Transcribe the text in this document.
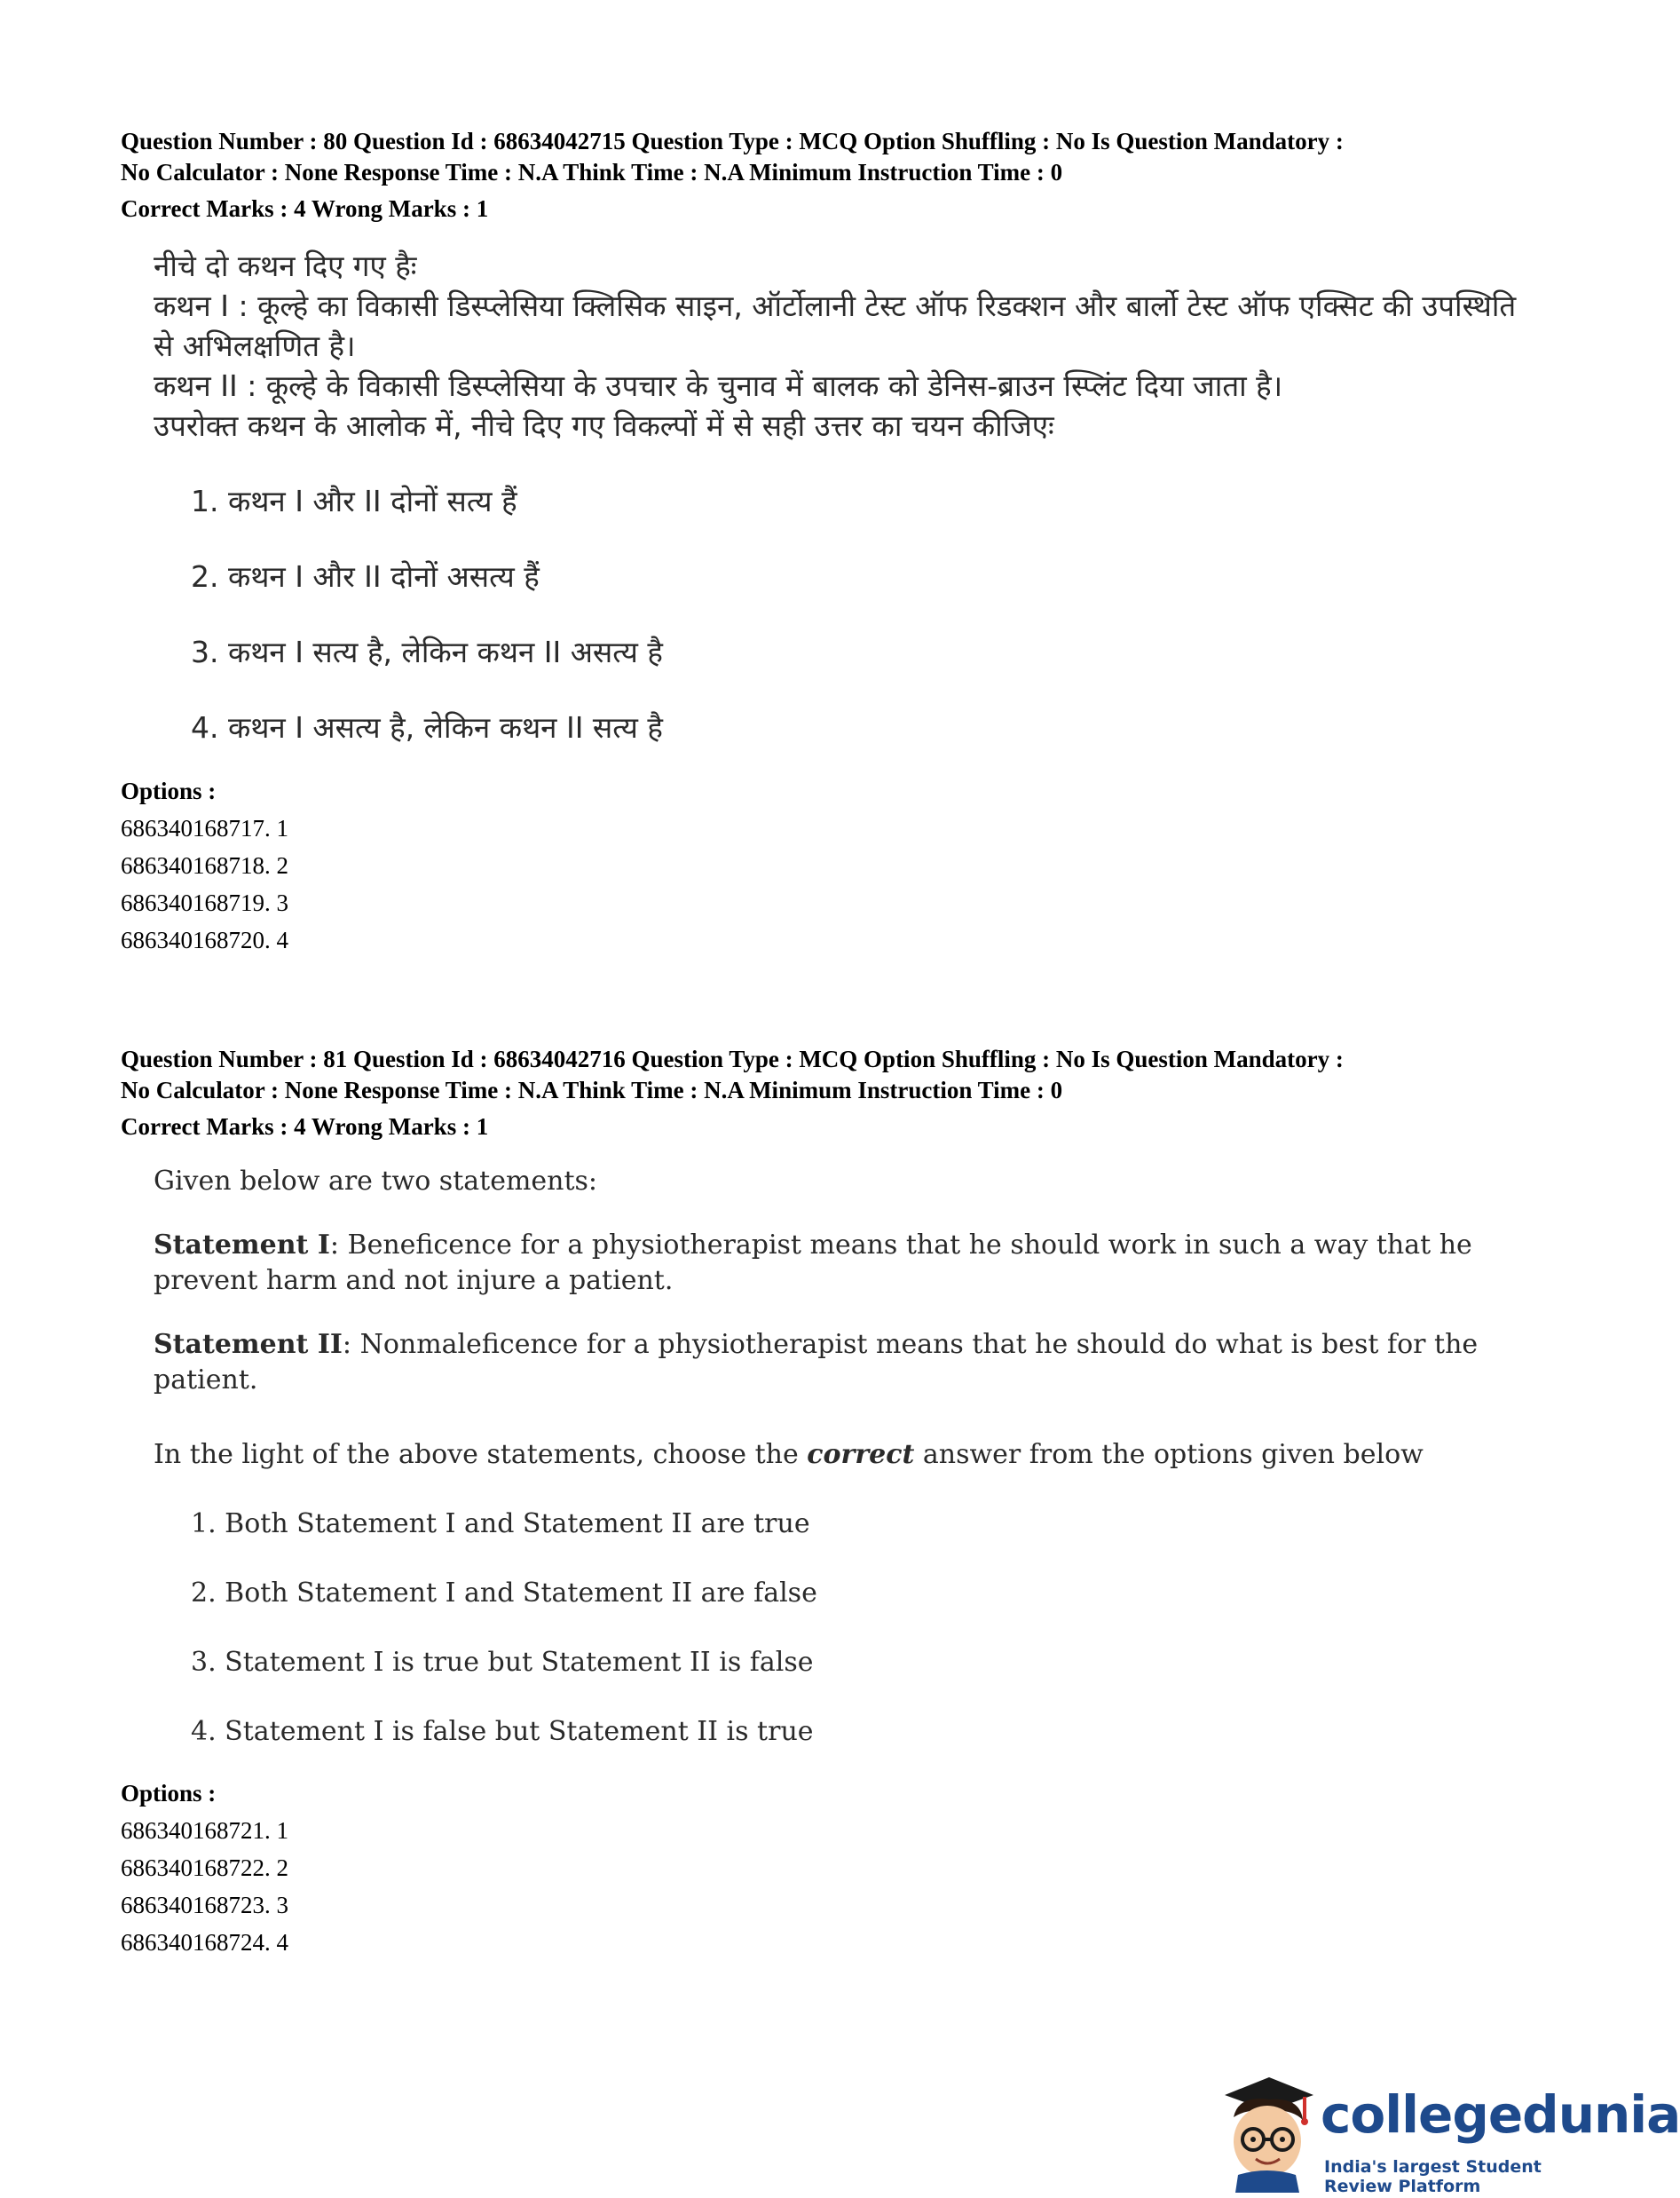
Question Number : 80 Question Id : 68634042715 Question Type : MCQ Option Shuffling : No Is Question Mandatory :

No Calculator : None Response Time : N.A Think Time : N.A Minimum Instruction Time : 0

Correct Marks : 4 Wrong Marks : 1

नीचे दो कथन दिए गए हैः

कथन I : कूल्हे का विकासी डिस्प्लेसिया क्लिसिक साइन, ऑर्टोलानी टेस्ट ऑफ रिडक्शन और बार्लो टेस्ट ऑफ एक्सिट की उपस्थिति से अभिलक्षणित है।

कथन II : कूल्हे के विकासी डिस्प्लेसिया के उपचार के चुनाव में बालक को डेनिस-ब्राउन स्प्लिंट दिया जाता है।

उपरोक्त कथन के आलोक में, नीचे दिए गए विकल्पों में से सही उत्तर का चयन कीजिएः

1. कथन I और II दोनों सत्य हैं

2. कथन I और II दोनों असत्य हैं

3. कथन I सत्य है, लेकिन कथन II असत्य है

4. कथन I असत्य है, लेकिन कथन II सत्य है

Options :
686340168717. 1
686340168718. 2
686340168719. 3
686340168720. 4

Question Number : 81 Question Id : 68634042716 Question Type : MCQ Option Shuffling : No Is Question Mandatory :

No Calculator : None Response Time : N.A Think Time : N.A Minimum Instruction Time : 0

Correct Marks : 4 Wrong Marks : 1

Given below are two statements:

Statement I: Beneficence for a physiotherapist means that he should work in such a way that he prevent harm and not injure a patient.

Statement II: Nonmaleficence for a physiotherapist means that he should do what is best for the patient.

In the light of the above statements, choose the correct answer from the options given below

1. Both Statement I and Statement II are true

2. Both Statement I and Statement II are false

3. Statement I is true but Statement II is false

4. Statement I is false but Statement II is true

Options :
686340168721. 1
686340168722. 2
686340168723. 3
686340168724. 4
collegedunia
India's largest Student Review Platform
